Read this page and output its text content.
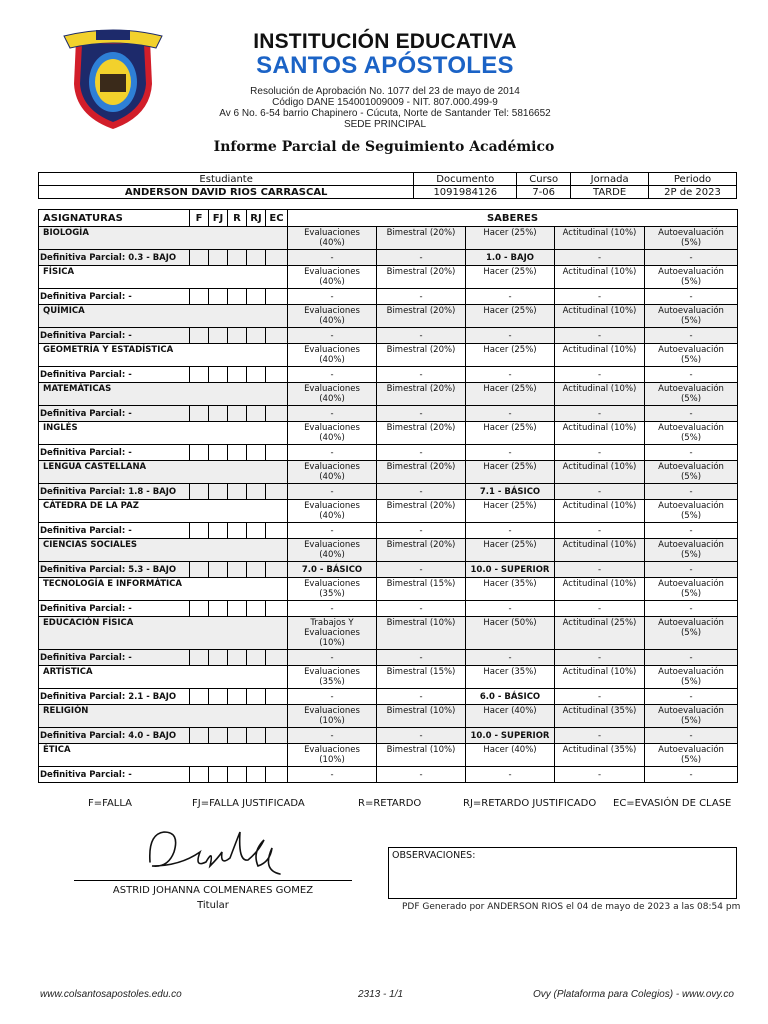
INSTITUCIÓN EDUCATIVA
SANTOS APÓSTOLES
Resolución de Aprobación No. 1077 del 23 de mayo de 2014
Código DANE 154001009009 - NIT. 807.000.499-9
Av 6 No. 6-54 barrio Chapinero - Cúcuta, Norte de Santander Tel: 5816652
SEDE PRINCIPAL
Informe Parcial de Seguimiento Académico
Estudiante	Documento	Curso	Jornada	Periodo
ANDERSON DAVID RIOS CARRASCAL	1091984126	7-06	TARDE	2P de 2023
ASIGNATURAS	F	FJ	R	RJ	EC	SABERES				
BIOLOGÍA						Evaluaciones (40%)	Bimestral (20%)	Hacer (25%)	Actitudinal (10%)	Autoevaluación (5%)
Definitiva Parcial: 0.3 - BAJO						-	-	1.0 - BAJO	-	-
FÍSICA						Evaluaciones (40%)	Bimestral (20%)	Hacer (25%)	Actitudinal (10%)	Autoevaluación (5%)
Definitiva Parcial: -						-	-	-	-	-
QUÍMICA						Evaluaciones (40%)	Bimestral (20%)	Hacer (25%)	Actitudinal (10%)	Autoevaluación (5%)
Definitiva Parcial: -						-	-	-	-	-
GEOMETRÍA Y ESTADÍSTICA						Evaluaciones (40%)	Bimestral (20%)	Hacer (25%)	Actitudinal (10%)	Autoevaluación (5%)
Definitiva Parcial: -						-	-	-	-	-
MATEMÁTICAS						Evaluaciones (40%)	Bimestral (20%)	Hacer (25%)	Actitudinal (10%)	Autoevaluación (5%)
Definitiva Parcial: -						-	-	-	-	-
INGLÉS						Evaluaciones (40%)	Bimestral (20%)	Hacer (25%)	Actitudinal (10%)	Autoevaluación (5%)
Definitiva Parcial: -						-	-	-	-	-
LENGUA CASTELLANA						Evaluaciones (40%)	Bimestral (20%)	Hacer (25%)	Actitudinal (10%)	Autoevaluación (5%)
Definitiva Parcial: 1.8 - BAJO						-	-	7.1 - BÁSICO	-	-
CÁTEDRA DE LA PAZ						Evaluaciones (40%)	Bimestral (20%)	Hacer (25%)	Actitudinal (10%)	Autoevaluación (5%)
Definitiva Parcial: -						-	-	-	-	-
CIENCIAS SOCIALES						Evaluaciones (40%)	Bimestral (20%)	Hacer (25%)	Actitudinal (10%)	Autoevaluación (5%)
Definitiva Parcial: 5.3 - BAJO						7.0 - BÁSICO	-	10.0 - SUPERIOR	-	-
TECNOLOGÍA E INFORMÁTICA						Evaluaciones (35%)	Bimestral (15%)	Hacer (35%)	Actitudinal (10%)	Autoevaluación (5%)
Definitiva Parcial: -						-	-	-	-	-
EDUCACIÓN FÍSICA						Trabajos Y Evaluaciones (10%)	Bimestral (10%)	Hacer (50%)	Actitudinal (25%)	Autoevaluación (5%)
Definitiva Parcial: -						-	-	-	-	-
ARTÍSTICA						Evaluaciones (35%)	Bimestral (15%)	Hacer (35%)	Actitudinal (10%)	Autoevaluación (5%)
Definitiva Parcial: 2.1 - BAJO						-	-	6.0 - BÁSICO	-	-
RELIGIÓN						Evaluaciones (10%)	Bimestral (10%)	Hacer (40%)	Actitudinal (35%)	Autoevaluación (5%)
Definitiva Parcial: 4.0 - BAJO						-	-	10.0 - SUPERIOR	-	-
ÉTICA						Evaluaciones (10%)	Bimestral (10%)	Hacer (40%)	Actitudinal (35%)	Autoevaluación (5%)
Definitiva Parcial: -						-	-	-	-	-
F=FALLA	FJ=FALLA JUSTIFICADA	R=RETARDO	RJ=RETARDO JUSTIFICADO EC=EVASIÓN DE CLASE
ASTRID JOHANNA COLMENARES GOMEZ
Titular
OBSERVACIONES:
PDF Generado por ANDERSON RIOS el 04 de mayo de 2023 a las 08:54 pm
www.colsantosapostoles.edu.co	2313 - 1/1	Ovy (Plataforma para Colegios) - www.ovy.co
